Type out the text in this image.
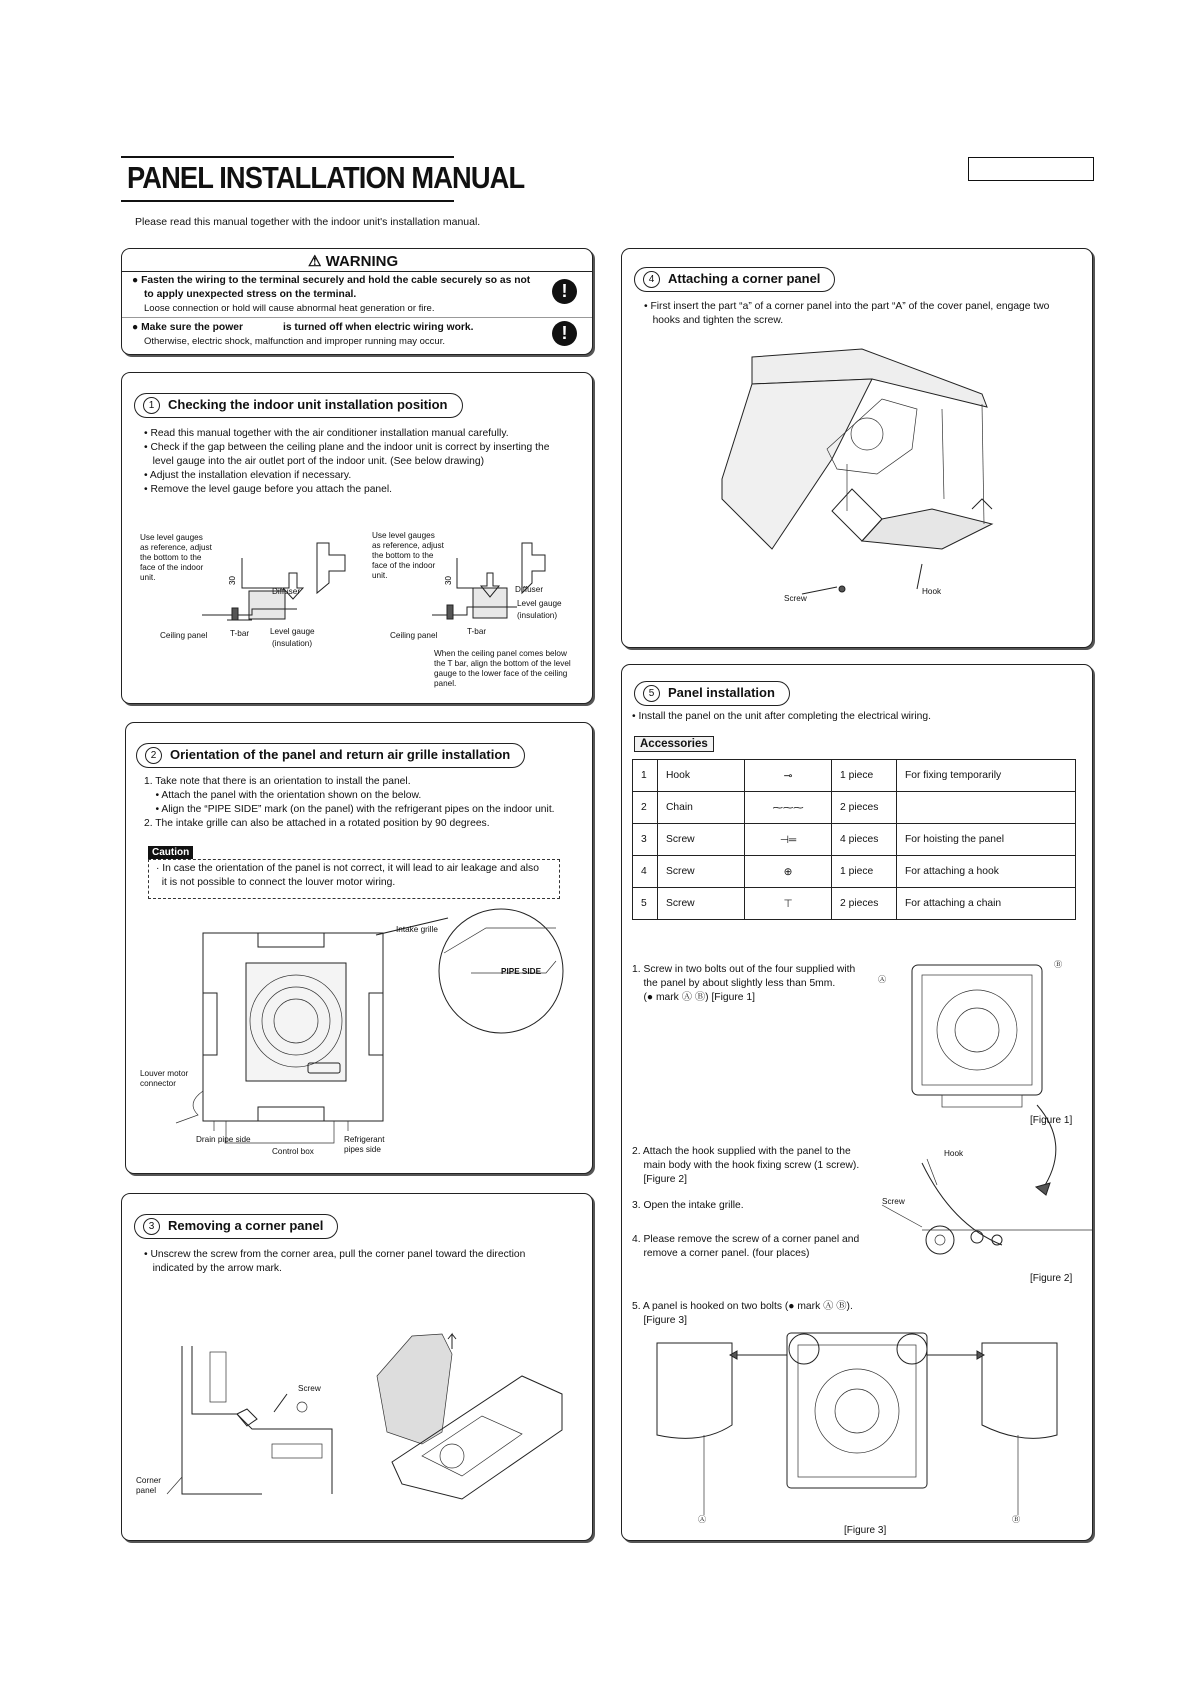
PANEL INSTALLATION MANUAL
Please read this manual together with the indoor unit's installation manual.
⚠ WARNING
● Fasten the wiring to the terminal securely and hold the cable securely so as not
to apply unexpected stress on the terminal.
Loose connection or hold will cause abnormal heat generation or fire.
!
● Make sure the power	is turned off when electric wiring work.
Otherwise, electric shock, malfunction and improper running may occur.	!
1 Checking the indoor unit installation position
• Read this manual together with the air conditioner installation manual carefully.
• Check if the gap between the ceiling plane and the indoor unit is correct by inserting the
level gauge into the air outlet port of the indoor unit. (See below drawing)
• Adjust the installation elevation if necessary.
• Remove the level gauge before you attach the panel.
Use level gauges
as reference, adjust
the bottom to the
face of the indoor
unit.	30
Diffuser
Ceiling panel	T-bar	Level gauge
(insulation)
Use level gauges
as reference, adjust
the bottom to the
face of the indoor
unit.
30
Diffuser
Level gauge
(insulation)
Ceiling panel	T-bar
When the ceiling panel comes below
the T bar, align the bottom of the level
gauge to the lower face of the ceiling
panel.
2 Orientation of the panel and return air grille installation
1. Take note that there is an orientation to install the panel.
• Attach the panel with the orientation shown on the below.
• Align the “PIPE SIDE” mark (on the panel) with the refrigerant pipes on the indoor unit.
2. The intake grille can also be attached in a rotated position by 90 degrees.
Caution
· In case the orientation of the panel is not correct, it will lead to air leakage and also
it is not possible to connect the louver motor wiring.
Intake grille
PIPE SIDE
Louver motor
connector
Drain pipe side
Control box
Refrigerant
pipes side
3 Removing a corner panel
• Unscrew the screw from the corner area, pull the corner panel toward the direction
indicated by the arrow mark.
Screw
Corner
panel
4 Attaching a corner panel
• First insert the part “a” of a corner panel into the part “A” of the cover panel, engage two
hooks and tighten the screw.
Screw
Hook
5 Panel installation
• Install the panel on the unit after completing the electrical wiring.
Accessories
1	Hook	⊸	1 piece	For fixing temporarily
2	Chain	⁓⁓⁓	2 pieces	
3	Screw	⊣═	4 pieces	For hoisting the panel
4	Screw	⊕	1 piece	For attaching a hook
5	Screw	⊤	2 pieces	For attaching a chain
1. Screw in two bolts out of the four supplied with
the panel by about slightly less than 5mm.
(● mark Ⓐ Ⓑ) [Figure 1]
2. Attach the hook supplied with the panel to the
main body with the hook fixing screw (1 screw).
[Figure 2]
3. Open the intake grille.
4. Please remove the screw of a corner panel and
remove a corner panel. (four places)
5. A panel is hooked on two bolts (● mark Ⓐ Ⓑ).
[Figure 3]
Ⓐ
Ⓑ
[Figure 1]
Hook
Screw
[Figure 2]
Ⓐ	Ⓑ
[Figure 3]
